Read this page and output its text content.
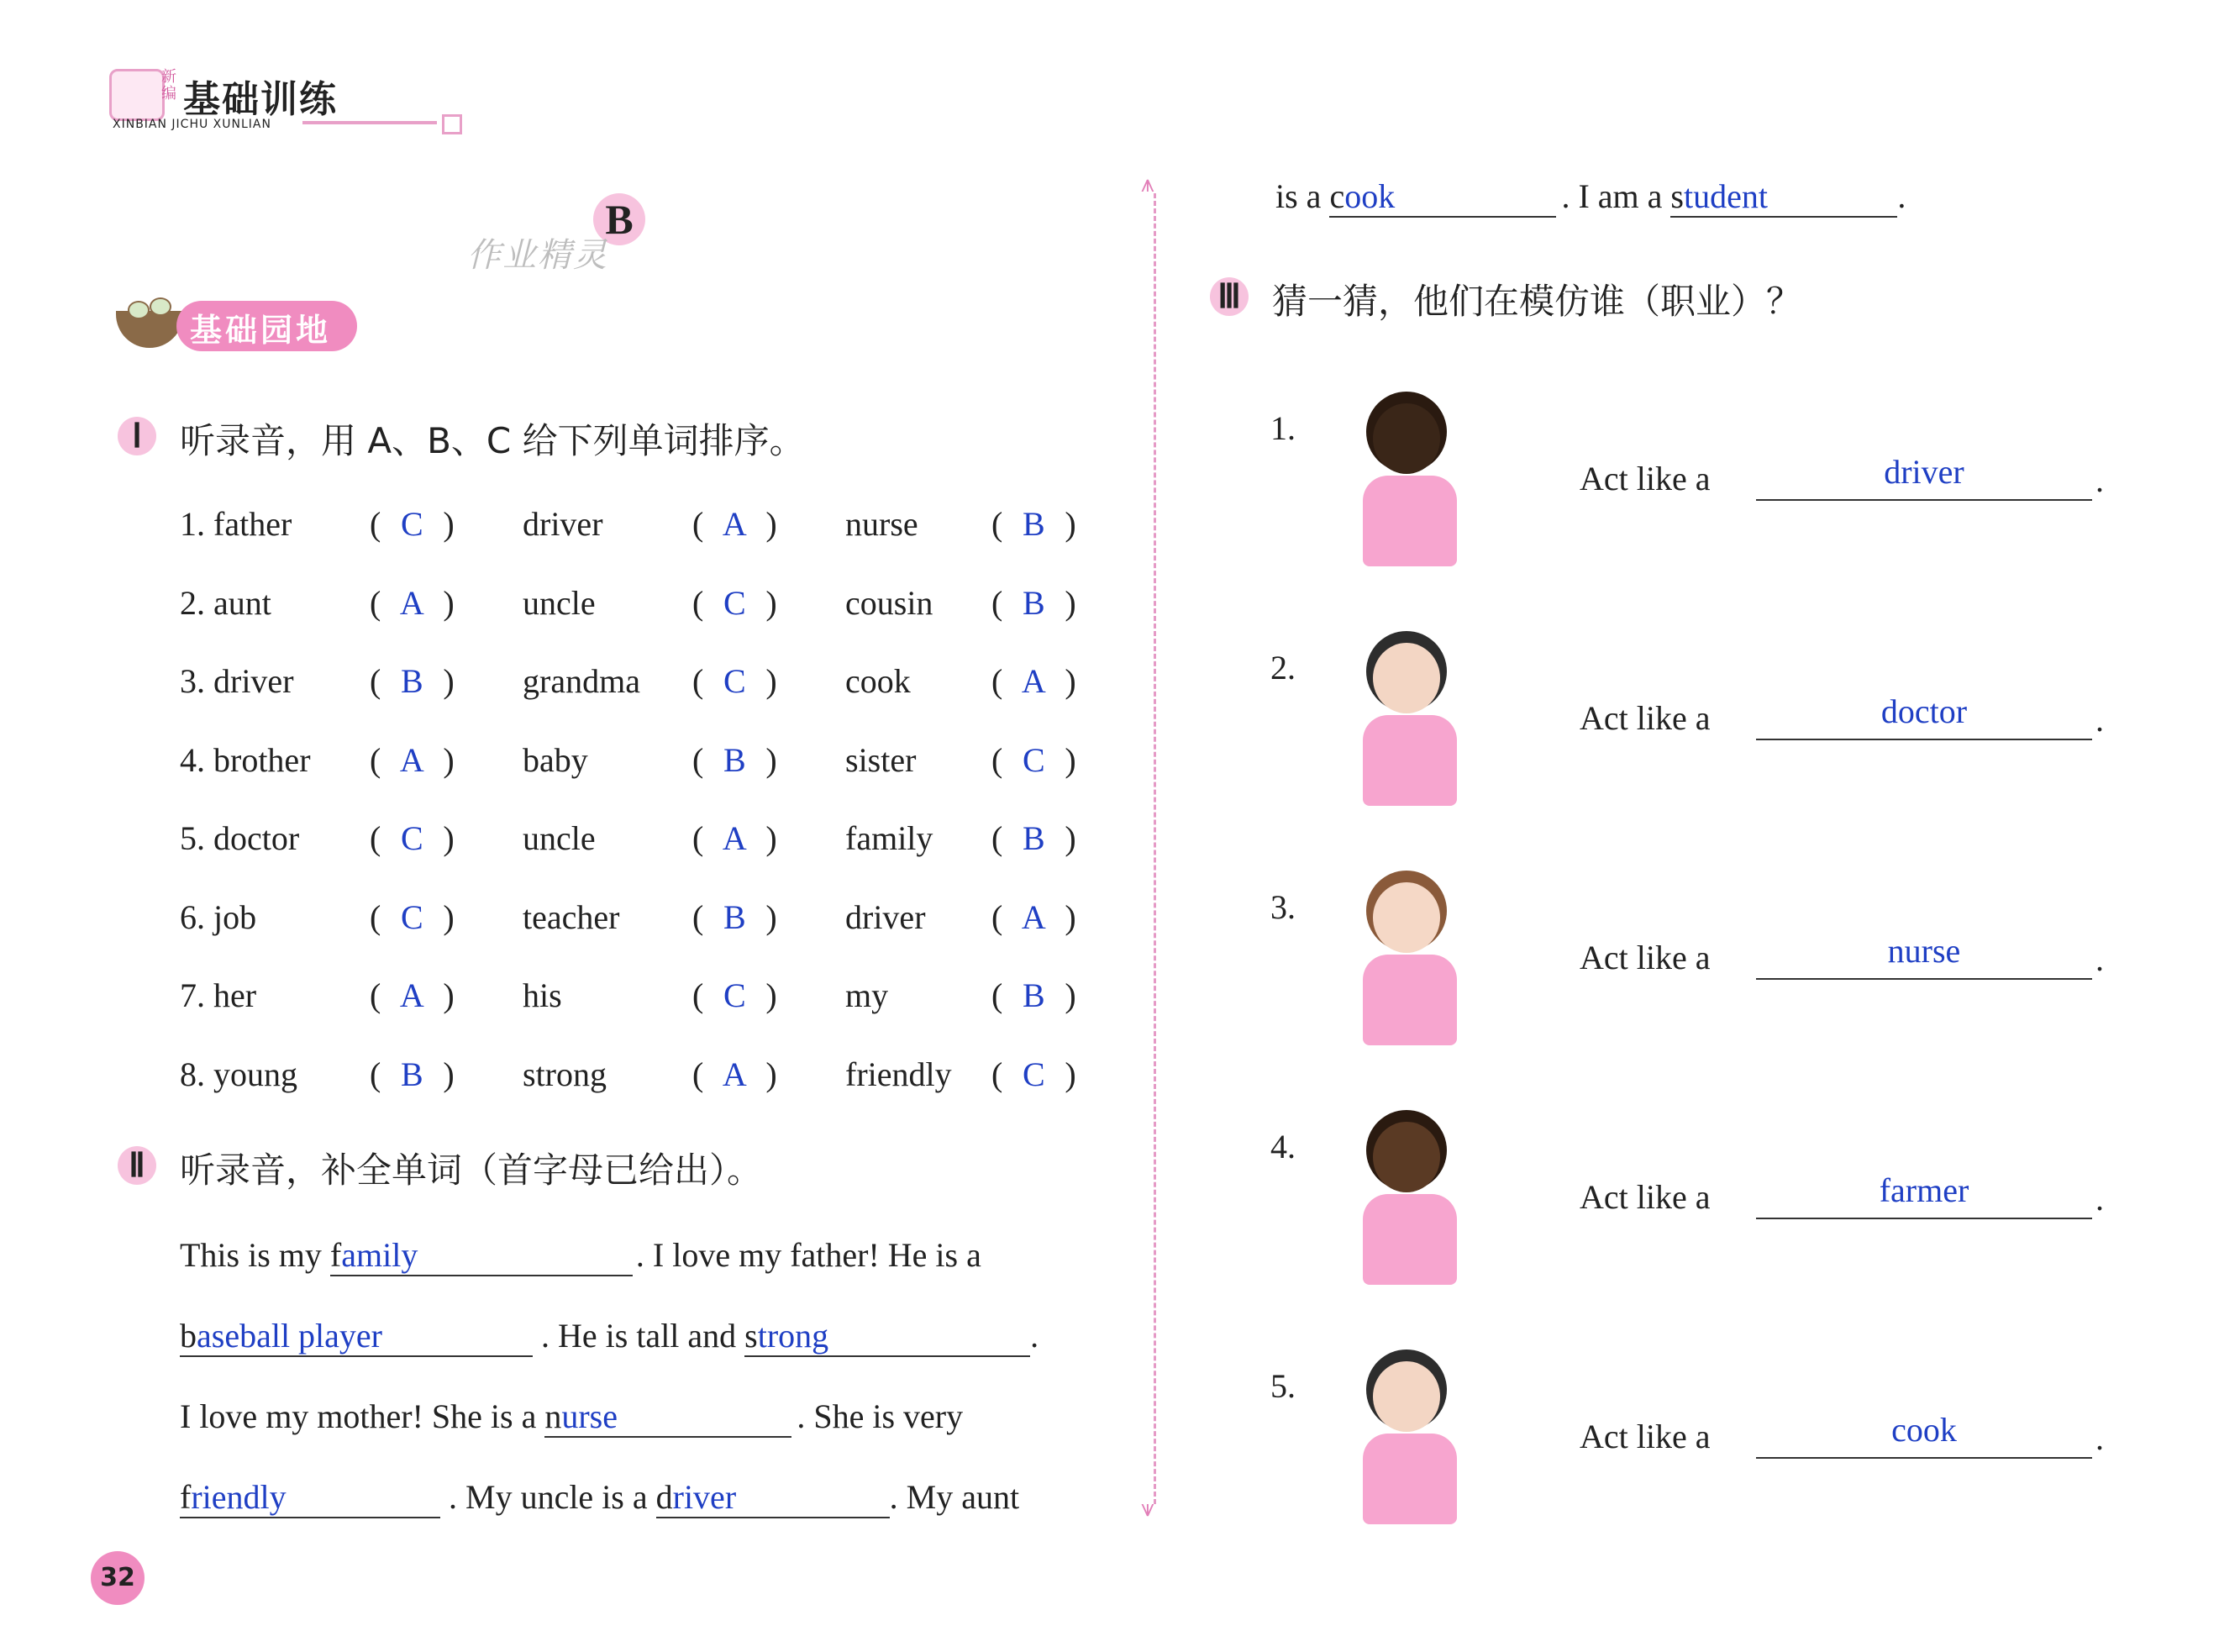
新编 基础训练
XINBIAN JICHU XUNLIAN
⩚
⩛
B
作业精灵
基础园地
Ⅰ	听录音，用 A、B、C 给下列单词排序。
1. father ( C ) driver	( A ) nurse ( B )
2. aunt	( A ) uncle	( C ) cousin ( B )
3. driver ( B ) grandma ( C ) cook ( A )
4. brother ( A ) baby	( B ) sister ( C )
5. doctor ( C ) uncle	( A ) family ( B )
6. job	( C ) teacher ( B ) driver ( A )
7. her	( A ) his	( C ) my	( B )
8. young ( B ) strong	( A ) friendly ( C )
Ⅱ 听录音，补全单词（首字母已给出）。
This is my family	. I love my father! He is a
baseball player	. He is tall and strong	.
I love my mother! She is a nurse	. She is very
friendly	. My uncle is a driver	. My aunt
is a cook	. I am a student	.
Ⅲ 猜一猜，他们在模仿谁（职业）？
1.
Act like a	driver	.
2.
Act like a	doctor	.
3.
Act like a	nurse	.
4.
Act like a	farmer	.
5.
Act like a	cook	.
32
